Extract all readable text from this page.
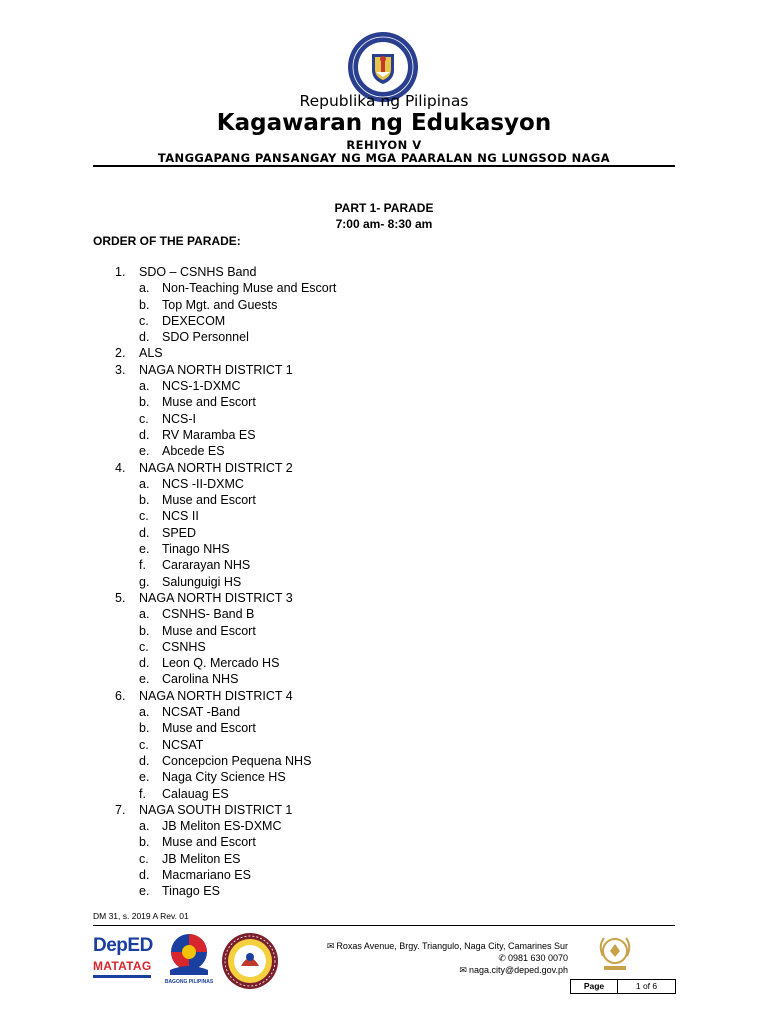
Republika ng Pilipinas
Kagawaran ng Edukasyon
REHIYON V
TANGGAPANG PANSANGAY NG MGA PAARALAN NG LUNGSOD NAGA
PART 1- PARADE
7:00 am- 8:30 am
ORDER OF THE PARADE:
1. SDO – CSNHS Band
a. Non-Teaching Muse and Escort
b. Top Mgt. and Guests
c. DEXECOM
d. SDO Personnel
2. ALS
3. NAGA NORTH DISTRICT 1
a. NCS-1-DXMC
b. Muse and Escort
c. NCS-I
d. RV Maramba ES
e. Abcede ES
4. NAGA NORTH DISTRICT 2
a. NCS -II-DXMC
b. Muse and Escort
c. NCS II
d. SPED
e. Tinago NHS
f. Cararayan NHS
g. Salunguigi HS
5. NAGA NORTH DISTRICT 3
a. CSNHS- Band B
b. Muse and Escort
c. CSNHS
d. Leon Q. Mercado HS
e. Carolina NHS
6. NAGA NORTH DISTRICT 4
a. NCSAT -Band
b. Muse and Escort
c. NCSAT
d. Concepcion Pequena NHS
e. Naga City Science HS
f. Calauag ES
7. NAGA SOUTH DISTRICT 1
a. JB Meliton ES-DXMC
b. Muse and Escort
c. JB Meliton ES
d. Macmariano ES
e. Tinago ES
DM 31, s. 2019 A Rev. 01
DepED
MATATAG
BAGONG PILIPINAS
✉ Roxas Avenue, Brgy. Triangulo, Naga City, Camarines Sur
✆ 0981 630 0070
✉ naga.city@deped.gov.ph
Page	1 of 6
